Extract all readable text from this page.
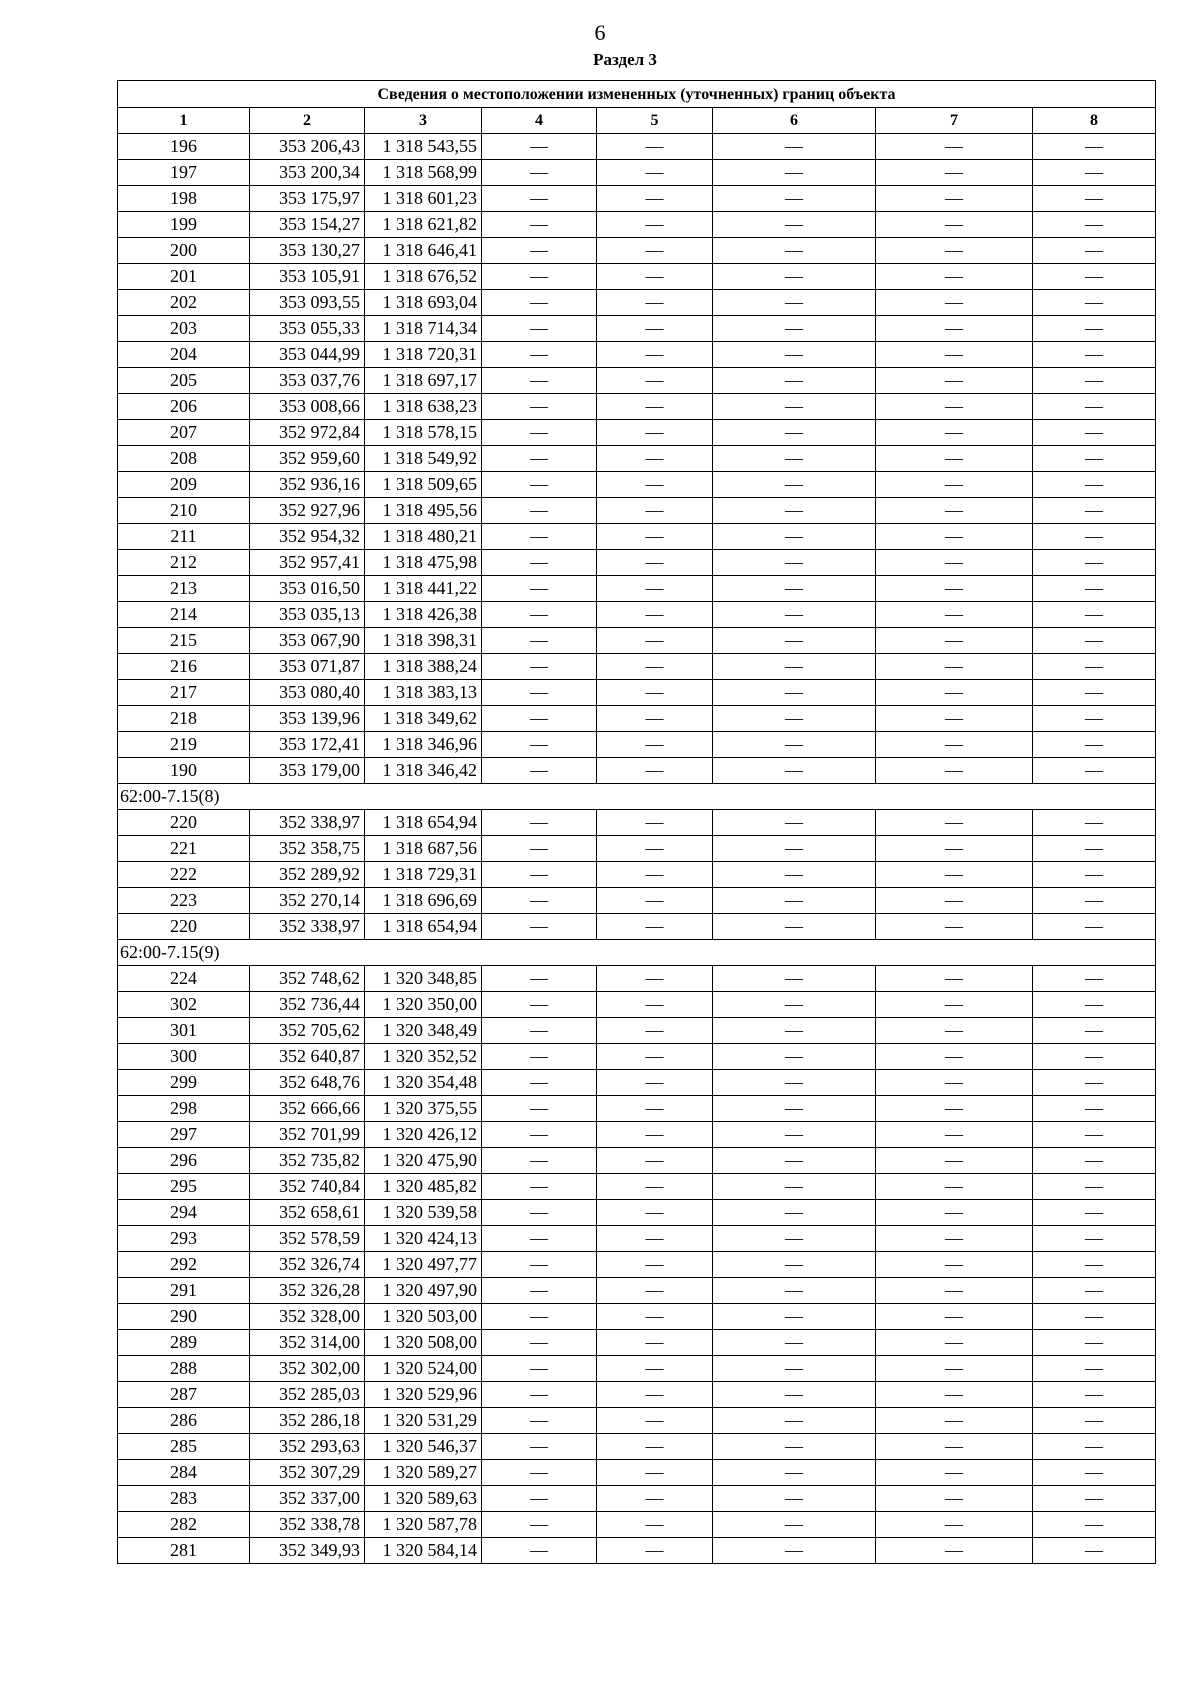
6
Раздел 3
Сведения о местоположении измененных (уточненных) границ объекта							
1	2	3	4	5	6	7	8
196	353 206,43	1 318 543,55	—	—	—	—	—
197	353 200,34	1 318 568,99	—	—	—	—	—
198	353 175,97	1 318 601,23	—	—	—	—	—
199	353 154,27	1 318 621,82	—	—	—	—	—
200	353 130,27	1 318 646,41	—	—	—	—	—
201	353 105,91	1 318 676,52	—	—	—	—	—
202	353 093,55	1 318 693,04	—	—	—	—	—
203	353 055,33	1 318 714,34	—	—	—	—	—
204	353 044,99	1 318 720,31	—	—	—	—	—
205	353 037,76	1 318 697,17	—	—	—	—	—
206	353 008,66	1 318 638,23	—	—	—	—	—
207	352 972,84	1 318 578,15	—	—	—	—	—
208	352 959,60	1 318 549,92	—	—	—	—	—
209	352 936,16	1 318 509,65	—	—	—	—	—
210	352 927,96	1 318 495,56	—	—	—	—	—
211	352 954,32	1 318 480,21	—	—	—	—	—
212	352 957,41	1 318 475,98	—	—	—	—	—
213	353 016,50	1 318 441,22	—	—	—	—	—
214	353 035,13	1 318 426,38	—	—	—	—	—
215	353 067,90	1 318 398,31	—	—	—	—	—
216	353 071,87	1 318 388,24	—	—	—	—	—
217	353 080,40	1 318 383,13	—	—	—	—	—
218	353 139,96	1 318 349,62	—	—	—	—	—
219	353 172,41	1 318 346,96	—	—	—	—	—
190	353 179,00	1 318 346,42	—	—	—	—	—
62:00-7.15(8)							
220	352 338,97	1 318 654,94	—	—	—	—	—
221	352 358,75	1 318 687,56	—	—	—	—	—
222	352 289,92	1 318 729,31	—	—	—	—	—
223	352 270,14	1 318 696,69	—	—	—	—	—
220	352 338,97	1 318 654,94	—	—	—	—	—
62:00-7.15(9)							
224	352 748,62	1 320 348,85	—	—	—	—	—
302	352 736,44	1 320 350,00	—	—	—	—	—
301	352 705,62	1 320 348,49	—	—	—	—	—
300	352 640,87	1 320 352,52	—	—	—	—	—
299	352 648,76	1 320 354,48	—	—	—	—	—
298	352 666,66	1 320 375,55	—	—	—	—	—
297	352 701,99	1 320 426,12	—	—	—	—	—
296	352 735,82	1 320 475,90	—	—	—	—	—
295	352 740,84	1 320 485,82	—	—	—	—	—
294	352 658,61	1 320 539,58	—	—	—	—	—
293	352 578,59	1 320 424,13	—	—	—	—	—
292	352 326,74	1 320 497,77	—	—	—	—	—
291	352 326,28	1 320 497,90	—	—	—	—	—
290	352 328,00	1 320 503,00	—	—	—	—	—
289	352 314,00	1 320 508,00	—	—	—	—	—
288	352 302,00	1 320 524,00	—	—	—	—	—
287	352 285,03	1 320 529,96	—	—	—	—	—
286	352 286,18	1 320 531,29	—	—	—	—	—
285	352 293,63	1 320 546,37	—	—	—	—	—
284	352 307,29	1 320 589,27	—	—	—	—	—
283	352 337,00	1 320 589,63	—	—	—	—	—
282	352 338,78	1 320 587,78	—	—	—	—	—
281	352 349,93	1 320 584,14	—	—	—	—	—
